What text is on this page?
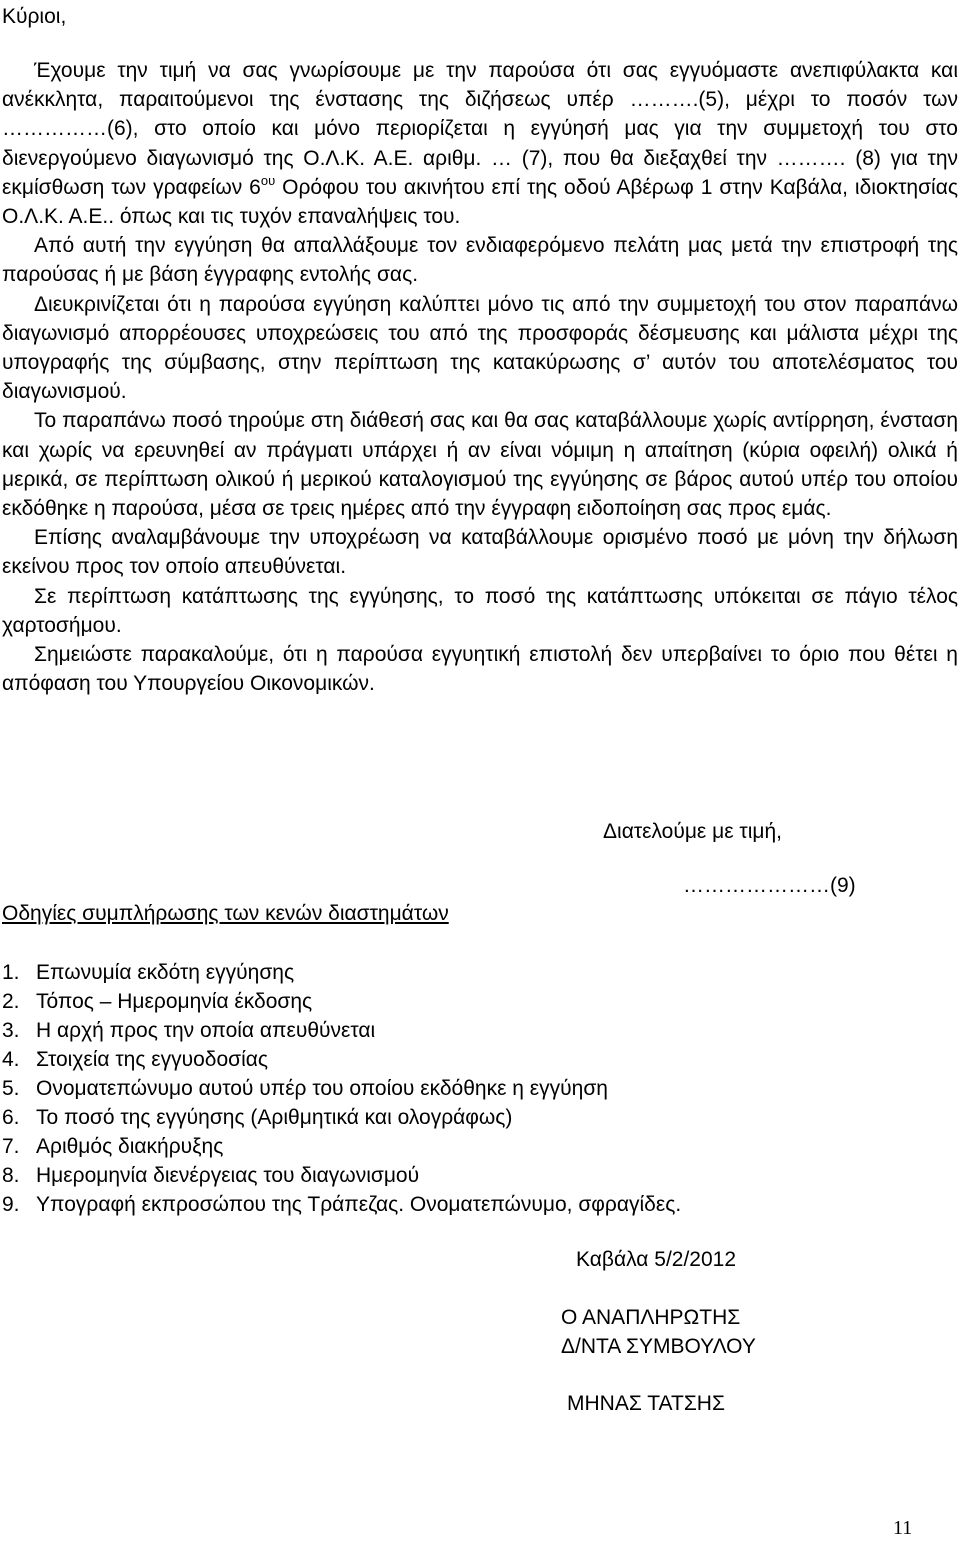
Κύριοι,

Έχουμε την τιμή να σας γνωρίσουμε με την παρούσα ότι σας εγγυόμαστε ανεπιφύλακτα και ανέκκλητα, παραιτούμενοι της ένστασης της διζήσεως υπέρ ……….(5), μέχρι το ποσόν των ……………(6), στο οποίο και μόνο περιορίζεται η εγγύησή μας για την συμμετοχή του στο διενεργούμενο διαγωνισμό της Ο.Λ.Κ. Α.Ε. αριθμ. … (7), που θα διεξαχθεί την ………. (8) για την εκμίσθωση των γραφείων $6^{o\upsilon}$ Ορόφου του ακινήτου επί της οδού Αβέρωφ 1 στην Καβάλα, ιδιοκτησίας Ο.Λ.Κ. Α.Ε.. όπως και τις τυχόν επαναλήψεις του.

Από αυτή την εγγύηση θα απαλλάξουμε τον ενδιαφερόμενο πελάτη μας μετά την επιστροφή της παρούσας ή με βάση έγγραφης εντολής σας.

Διευκρινίζεται ότι η παρούσα εγγύηση καλύπτει μόνο τις από την συμμετοχή του στον παραπάνω διαγωνισμό απορρέουσες υποχρεώσεις του από της προσφοράς δέσμευσης και μάλιστα μέχρι της υπογραφής της σύμβασης, στην περίπτωση της κατακύρωσης σ’ αυτόν του αποτελέσματος του διαγωνισμού.

Το παραπάνω ποσό τηρούμε στη διάθεσή σας και θα σας καταβάλλουμε χωρίς αντίρρηση, ένσταση και χωρίς να ερευνηθεί αν πράγματι υπάρχει ή αν είναι νόμιμη η απαίτηση (κύρια οφειλή) ολικά ή μερικά, σε περίπτωση ολικού ή μερικού καταλογισμού της εγγύησης σε βάρος αυτού υπέρ του οποίου εκδόθηκε η παρούσα, μέσα σε τρεις ημέρες από την έγγραφη ειδοποίηση σας προς εμάς.

Επίσης αναλαμβάνουμε την υποχρέωση να καταβάλλουμε ορισμένο ποσό με μόνη την δήλωση εκείνου προς τον οποίο απευθύνεται.

Σε περίπτωση κατάπτωσης της εγγύησης, το ποσό της κατάπτωσης υπόκειται σε πάγιο τέλος χαρτοσήμου.

Σημειώστε παρακαλούμε, ότι η παρούσα εγγυητική επιστολή δεν υπερβαίνει το όριο που θέτει η απόφαση του Υπουργείου Οικονομικών.

Διατελούμε με τιμή,
…………………(9)
Οδηγίες συμπλήρωσης των κενών διαστημάτων
1. Επωνυμία εκδότη εγγύησης
2. Τόπος – Ημερομηνία έκδοσης
3. Η αρχή προς την οποία απευθύνεται
4. Στοιχεία της εγγυοδοσίας
5. Ονοματεπώνυμο αυτού υπέρ του οποίου εκδόθηκε η εγγύηση
6. Το ποσό της εγγύησης (Αριθμητικά και ολογράφως)
7. Αριθμός διακήρυξης
8. Ημερομηνία διενέργειας του διαγωνισμού
9. Υπογραφή εκπροσώπου της Τράπεζας. Ονοματεπώνυμο, σφραγίδες.
Καβάλα 5/2/2012
Ο ΑΝΑΠΛΗΡΩΤΗΣ
Δ/ΝΤΑ ΣΥΜΒΟΥΛΟΥ
ΜΗΝΑΣ ΤΑΤΣΗΣ
11
